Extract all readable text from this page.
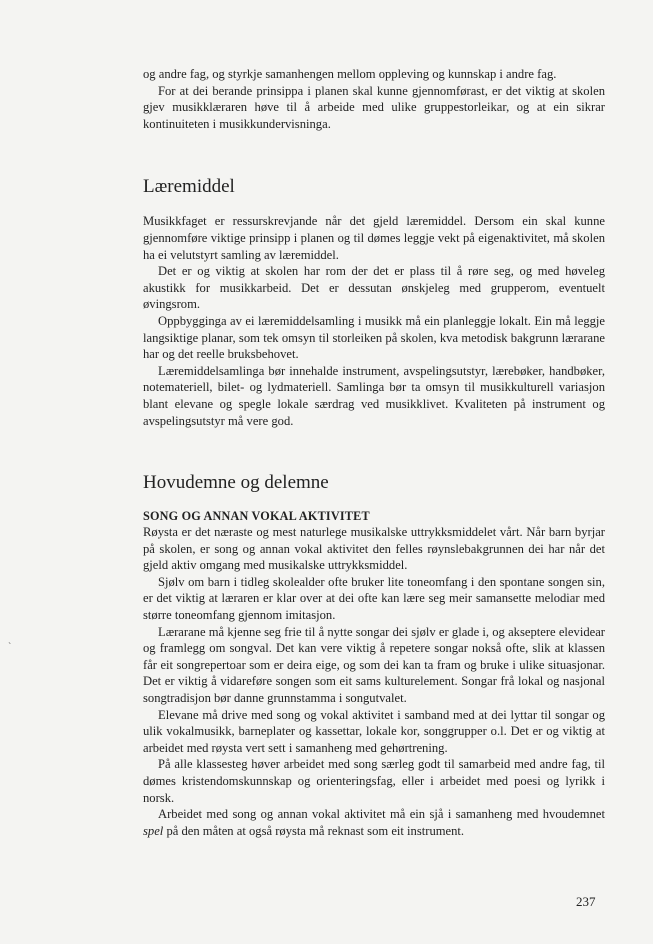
og andre fag, og styrkje samanhengen mellom oppleving og kunnskap i andre fag.

For at dei berande prinsippa i planen skal kunne gjennomførast, er det viktig at skolen gjev musikklæraren høve til å arbeide med ulike gruppestorleikar, og at ein sikrar kontinuiteten i musikkundervisninga.

Læremiddel

Musikkfaget er ressurskrevjande når det gjeld læremiddel. Dersom ein skal kunne gjennomføre viktige prinsipp i planen og til dømes leggje vekt på eigenaktivitet, må skolen ha ei velutstyrt samling av læremiddel.

Det er og viktig at skolen har rom der det er plass til å røre seg, og med høveleg akustikk for musikkarbeid. Det er dessutan ønskjeleg med grupperom, eventuelt øvingsrom.

Oppbygginga av ei læremiddelsamling i musikk må ein planleggje lokalt. Ein må leggje langsiktige planar, som tek omsyn til storleiken på skolen, kva metodisk bakgrunn lærarane har og det reelle bruksbehovet.

Læremiddelsamlinga bør innehalde instrument, avspelingsutstyr, lærebøker, handbøker, notemateriell, bilet- og lydmateriell. Samlinga bør ta omsyn til musikkulturell variasjon blant elevane og spegle lokale særdrag ved musikklivet. Kvaliteten på instrument og avspelingsutstyr må vere god.

Hovudemne og delemne

SONG OG ANNAN VOKAL AKTIVITET

Røysta er det næraste og mest naturlege musikalske uttrykksmiddelet vårt. Når barn byrjar på skolen, er song og annan vokal aktivitet den felles røynslebakgrunnen dei har når det gjeld aktiv omgang med musikalske uttrykksmiddel.

Sjølv om barn i tidleg skolealder ofte bruker lite toneomfang i den spontane songen sin, er det viktig at læraren er klar over at dei ofte kan lære seg meir samansette melodiar med større toneomfang gjennom imitasjon.

Lærarane må kjenne seg frie til å nytte songar dei sjølv er glade i, og akseptere elevidear og framlegg om songval. Det kan vere viktig å repetere songar nokså ofte, slik at klassen får eit songrepertoar som er deira eige, og som dei kan ta fram og bruke i ulike situasjonar. Det er viktig å vidareføre songen som eit sams kulturelement. Songar frå lokal og nasjonal songtradisjon bør danne grunnstamma i songutvalet.

Elevane må drive med song og vokal aktivitet i samband med at dei lyttar til songar og ulik vokalmusikk, barneplater og kassettar, lokale kor, songgrupper o.l. Det er og viktig at arbeidet med røysta vert sett i samanheng med gehørtrening.

På alle klassesteg høver arbeidet med song særleg godt til samarbeid med andre fag, til dømes kristendomskunnskap og orienteringsfag, eller i arbeidet med poesi og lyrikk i norsk.

Arbeidet med song og annan vokal aktivitet må ein sjå i samanheng med hvoudemnet spel på den måten at også røysta må reknast som eit instrument.

`
237
